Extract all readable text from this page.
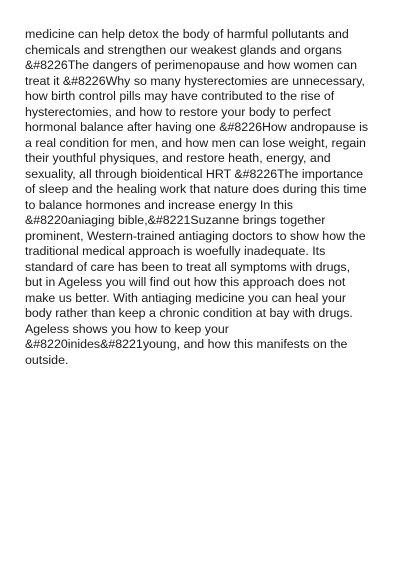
medicine can help detox the body of harmful pollutants and
chemicals and strengthen our weakest glands and organs
&#8226The dangers of perimenopause and how women can
treat it &#8226Why so many hysterectomies are unnecessary,
how birth control pills may have contributed to the rise of
hysterectomies, and how to restore your body to perfect
hormonal balance after having one &#8226How andropause is
a real condition for men, and how men can lose weight, regain
their youthful physiques, and restore heath, energy, and
sexuality, all through bioidentical HRT &#8226The importance
of sleep and the healing work that nature does during this time
to balance hormones and increase energy In this
&#8220aniaging bible,&#8221Suzanne brings together
prominent, Western-trained antiaging doctors to show how the
traditional medical approach is woefully inadequate. Its
standard of care has been to treat all symptoms with drugs,
but in Ageless you will find out how this approach does not
make us better. With antiaging medicine you can heal your
body rather than keep a chronic condition at bay with drugs.
Ageless shows you how to keep your
&#8220inides&#8221young, and how this manifests on the
outside.
